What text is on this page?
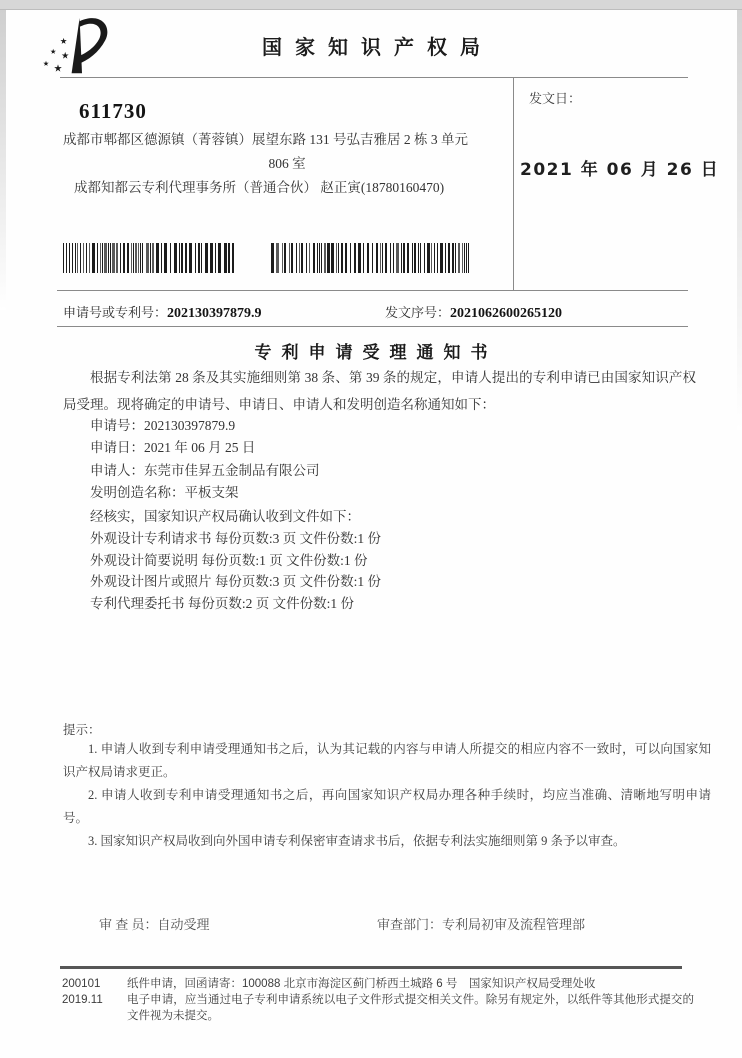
国家知识产权局
发文日：
2021 年 06 月 26 日
611730
成都市郫都区德源镇（菁蓉镇）展望东路 131 号弘吉雅居 2 栋 3 单元
806 室
成都知都云专利代理事务所（普通合伙） 赵正寅(18780160470)
申请号或专利号：202130397879.9	发文序号：2021062600265120
专利申请受理通知书
根据专利法第 28 条及其实施细则第 38 条、第 39 条的规定，申请人提出的专利申请已由国家知识产权局受理。现将确定的申请号、申请日、申请人和发明创造名称通知如下：
申请号：202130397879.9
申请日：2021 年 06 月 25 日
申请人：东莞市佳昇五金制品有限公司
发明创造名称：平板支架
经核实，国家知识产权局确认收到文件如下：
外观设计专利请求书 每份页数:3 页 文件份数:1 份
外观设计简要说明 每份页数:1 页 文件份数:1 份
外观设计图片或照片 每份页数:3 页 文件份数:1 份
专利代理委托书 每份页数:2 页 文件份数:1 份
提示：

1. 申请人收到专利申请受理通知书之后，认为其记载的内容与申请人所提交的相应内容不一致时，可以向国家知识产权局请求更正。

2. 申请人收到专利申请受理通知书之后，再向国家知识产权局办理各种手续时，均应当准确、清晰地写明申请号。

3. 国家知识产权局收到向外国申请专利保密审查请求书后，依据专利法实施细则第 9 条予以审查。

审 查 员：自动受理	审查部门：专利局初审及流程管理部
200101
2019.11

纸件申请，回函请寄：100088 北京市海淀区蓟门桥西土城路 6 号　国家知识产权局受理处收

电子申请，应当通过电子专利申请系统以电子文件形式提交相关文件。除另有规定外，以纸件等其他形式提交的文件视为未提交。
